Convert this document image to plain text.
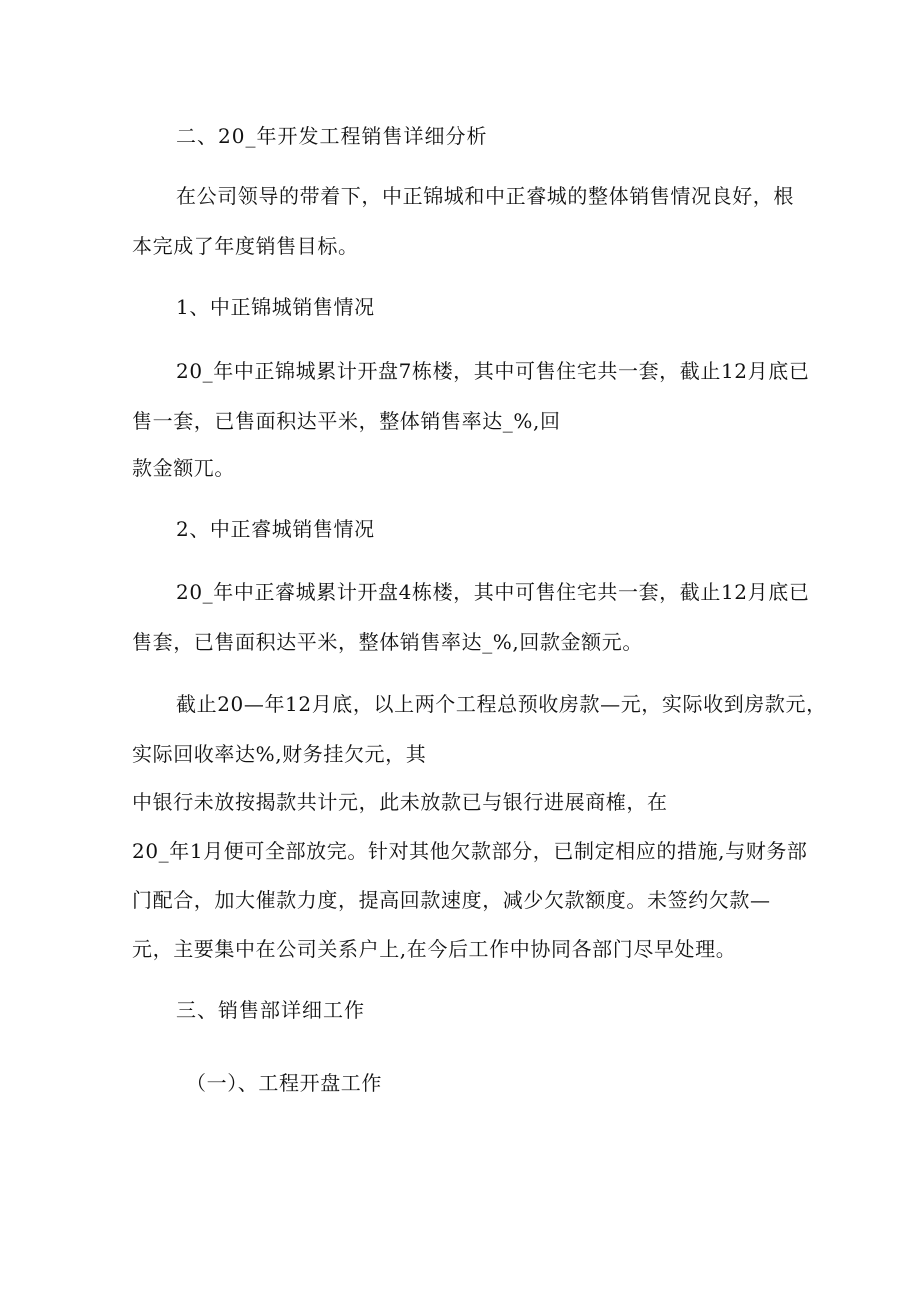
二、20_年开发工程销售详细分析
在公司领导的带着下，中正锦城和中正睿城的整体销售情况良好，根
本完成了年度销售目标。
1、中正锦城销售情况
20_年中正锦城累计开盘7栋楼，其中可售住宅共一套，截止12月底已
售一套，已售面积达平米，整体销售率达_%,回
款金额兀。
2、中正睿城销售情况
20_年中正睿城累计开盘4栋楼，其中可售住宅共一套，截止12月底已
售套，已售面积达平米，整体销售率达_%,回款金额元。
截止20—年12月底，以上两个工程总预收房款—元，实际收到房款元，
实际回收率达%,财务挂欠元，其
中银行未放按揭款共计元，此未放款已与银行进展商榷，在
20_年1月便可全部放完。针对其他欠款部分，已制定相应的措施,与财务部
门配合，加大催款力度，提高回款速度，减少欠款额度。未签约欠款—
元，主要集中在公司关系户上,在今后工作中协同各部门尽早处理。
三、销售部详细工作
（一）、工程开盘工作
